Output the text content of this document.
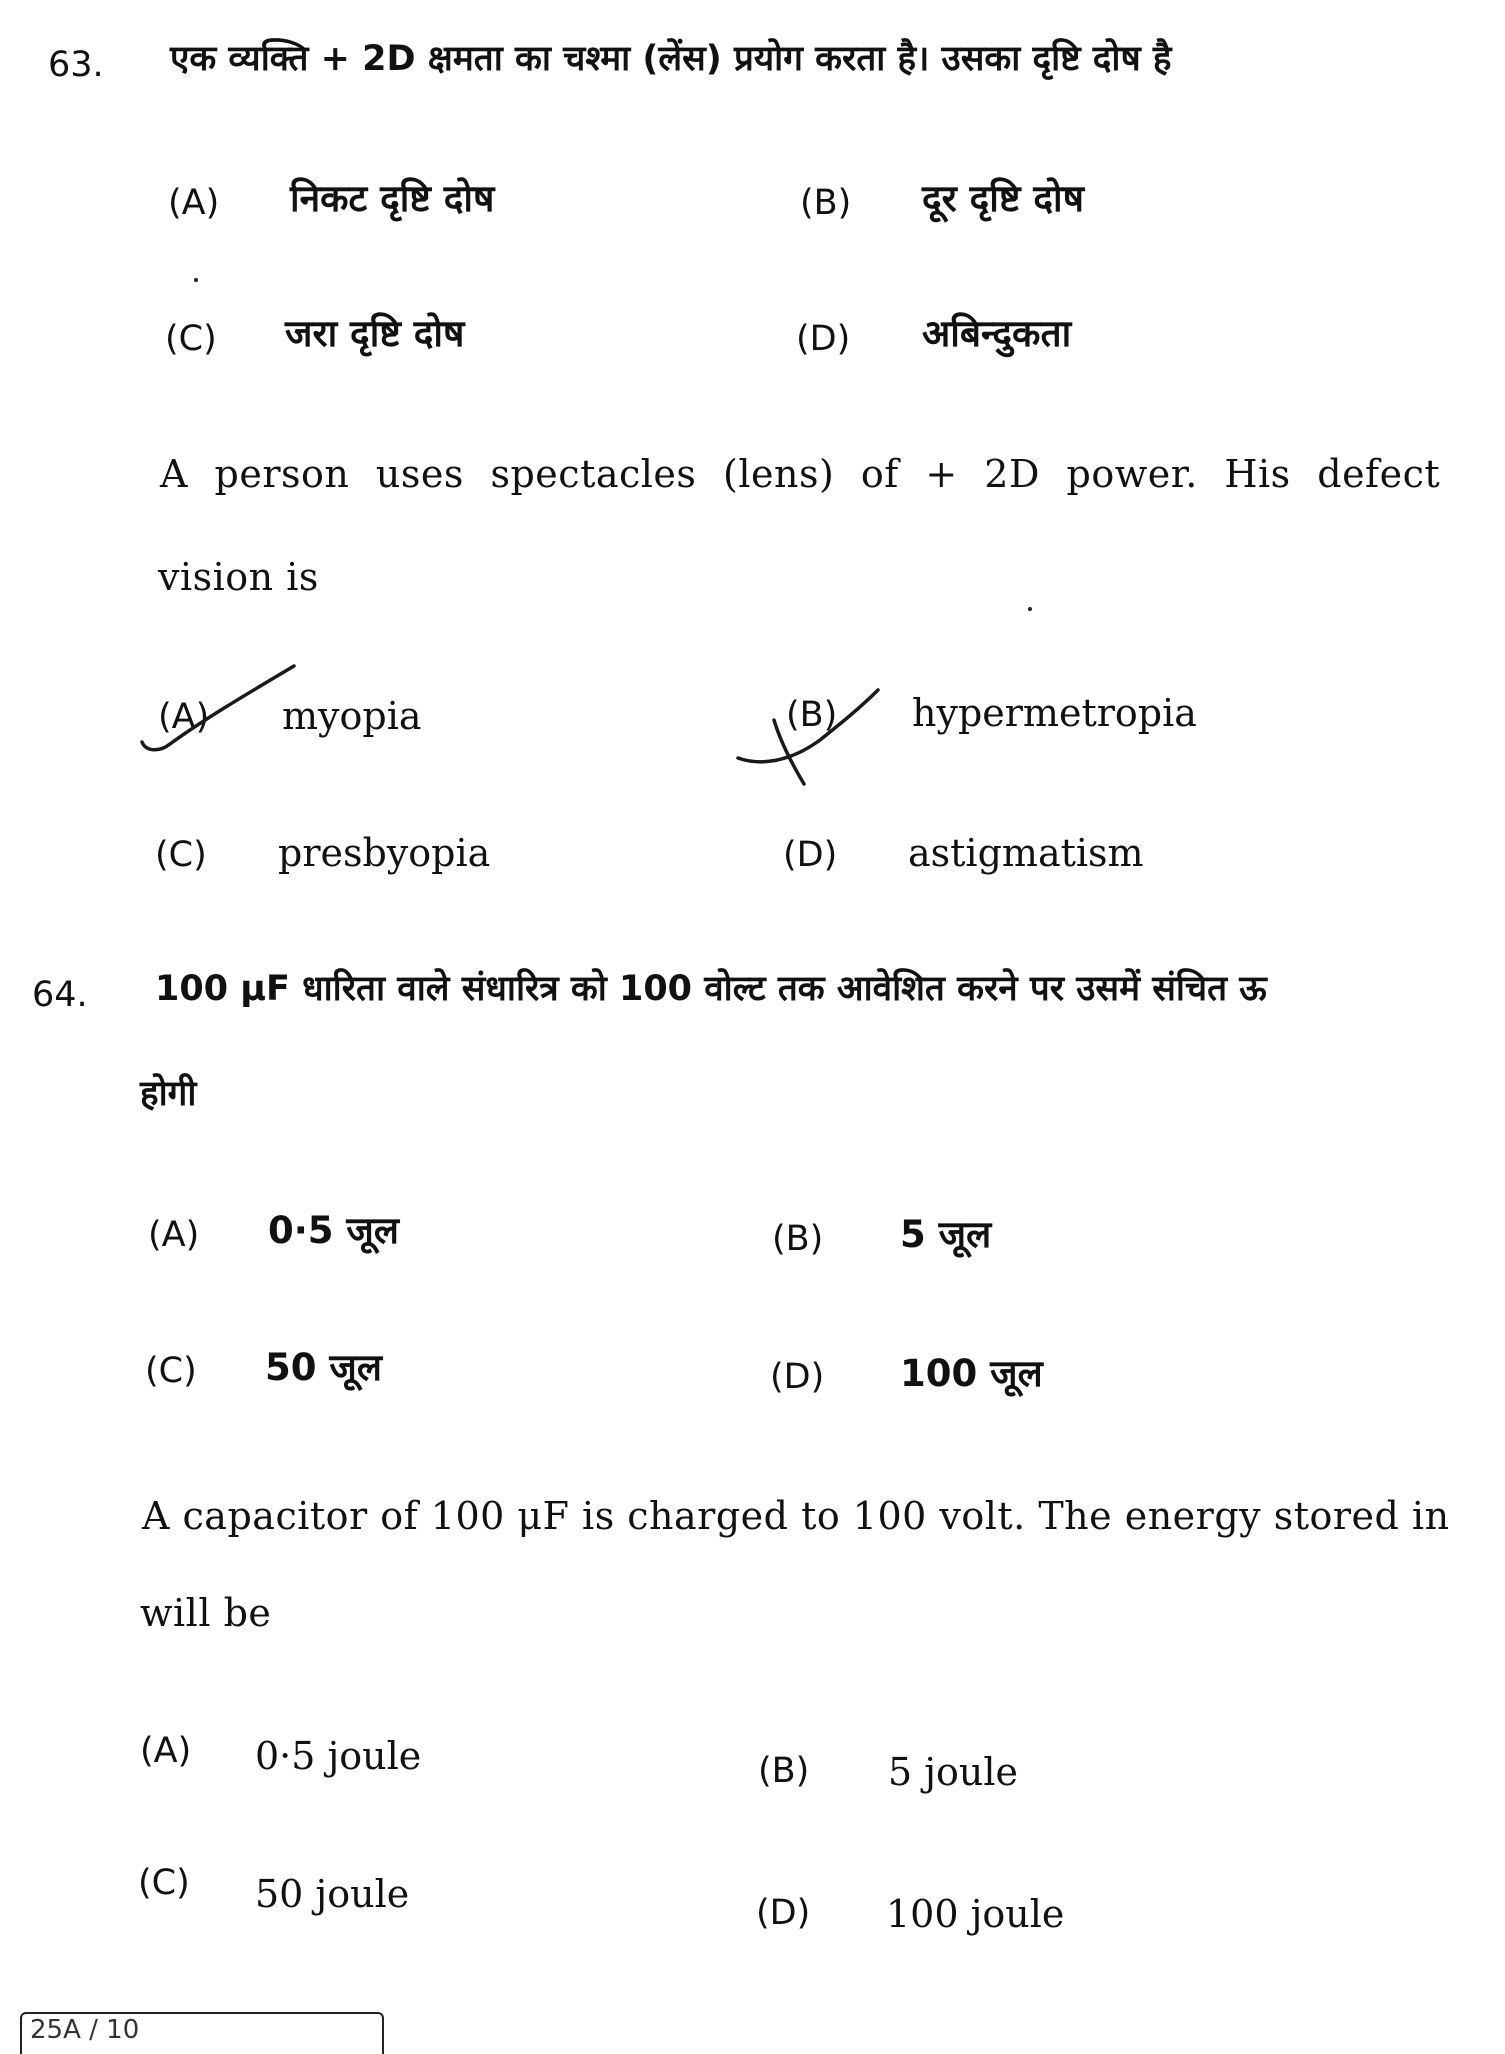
63. एक व्यक्ति + 2D क्षमता का चश्मा (लेंस) प्रयोग करता है। उसका दृष्टि दोष है
(A) निकट दृष्टि दोष	(B) दूर दृष्टि दोष
(C) जरा दृष्टि दोष	(D) अबिन्दुकता
A person uses spectacles (lens) of + 2D power. His defect
vision is
(A) myopia	(B) hypermetropia
(C) presbyopia	(D) astigmatism
64. 100 μF धारिता वाले संधारित्र को 100 वोल्ट तक आवेशित करने पर उसमें संचित ऊ
होगी
(A) 0·5 जूल	(B) 5 जूल
(C) 50 जूल	(D) 100 जूल
A capacitor of 100 μF is charged to 100 volt. The energy stored in
will be
(A) 0·5 joule	(B) 5 joule
(C) 50 joule	(D) 100 joule
25A / 10
